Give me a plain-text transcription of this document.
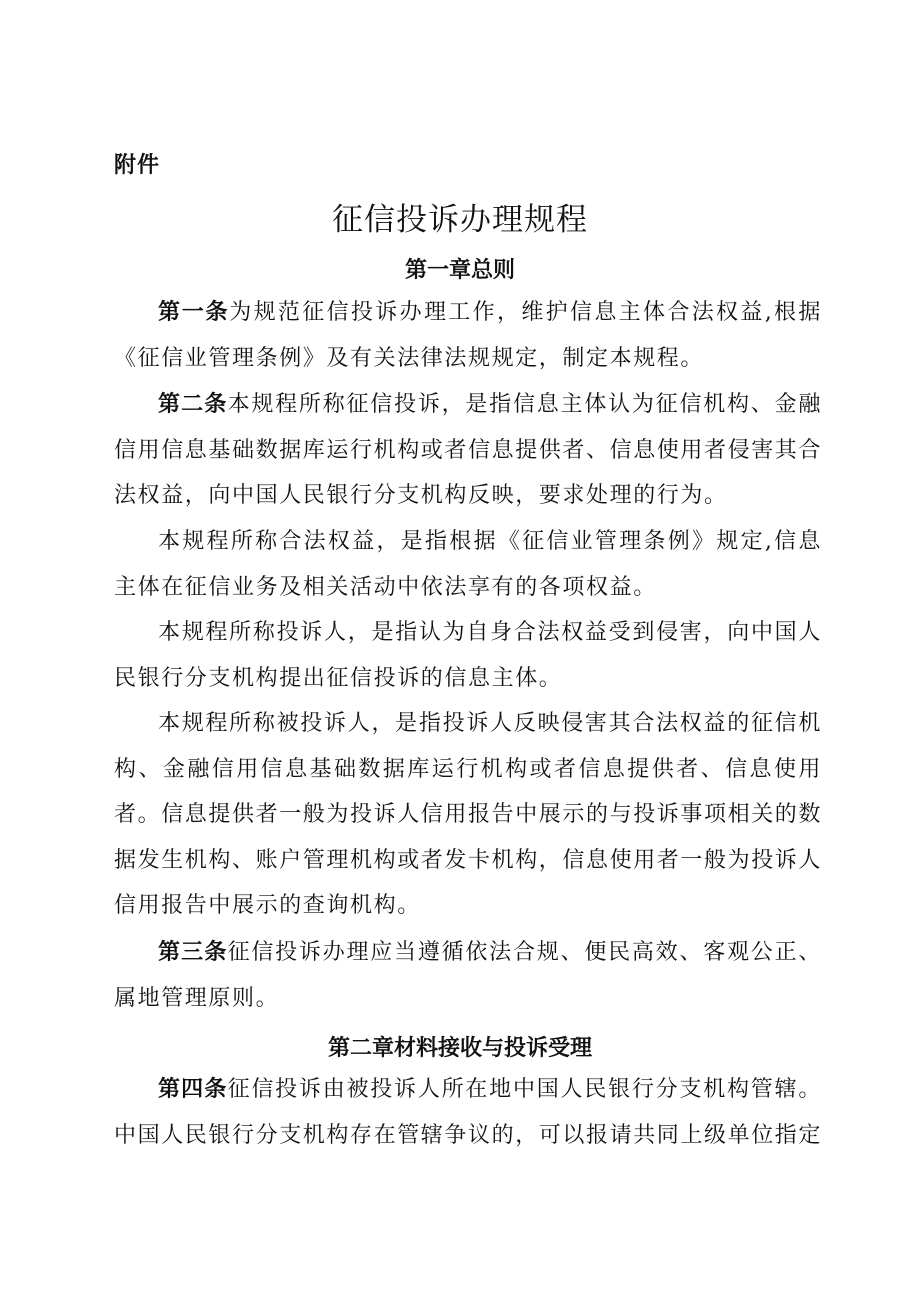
附件
征信投诉办理规程
第一章总则

第一条为规范征信投诉办理工作，维护信息主体合法权益,根据《征信业管理条例》及有关法律法规规定，制定本规程。

第二条本规程所称征信投诉，是指信息主体认为征信机构、金融信用信息基础数据库运行机构或者信息提供者、信息使用者侵害其合法权益，向中国人民银行分支机构反映，要求处理的行为。

本规程所称合法权益，是指根据《征信业管理条例》规定,信息主体在征信业务及相关活动中依法享有的各项权益。

本规程所称投诉人，是指认为自身合法权益受到侵害，向中国人民银行分支机构提出征信投诉的信息主体。

本规程所称被投诉人，是指投诉人反映侵害其合法权益的征信机构、金融信用信息基础数据库运行机构或者信息提供者、信息使用者。信息提供者一般为投诉人信用报告中展示的与投诉事项相关的数据发生机构、账户管理机构或者发卡机构，信息使用者一般为投诉人信用报告中展示的查询机构。

第三条征信投诉办理应当遵循依法合规、便民高效、客观公正、属地管理原则。

第二章材料接收与投诉受理

第四条征信投诉由被投诉人所在地中国人民银行分支机构管辖。中国人民银行分支机构存在管辖争议的，可以报请共同上级单位指定
